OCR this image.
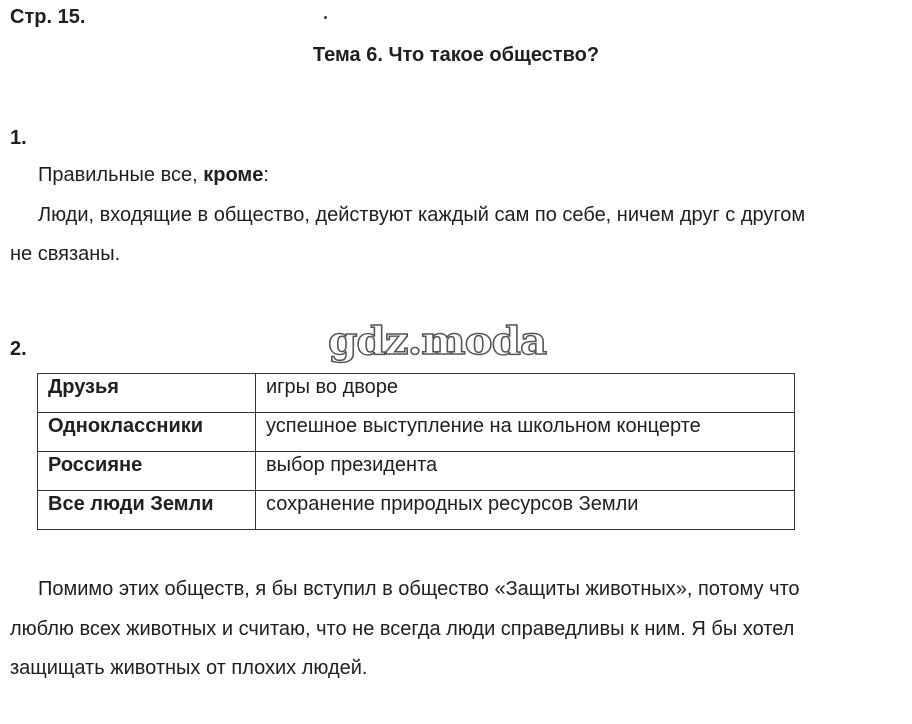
Стр. 15.
Тема 6. Что такое общество?
1.
Правильные все, кроме:
Люди, входящие в общество, действуют каждый сам по себе, ничем друг с другом
не связаны.
2.	gdz.moda
Друзья	игры во дворе
Одноклассники	успешное выступление на школьном концерте
Россияне	выбор президента
Все люди Земли	сохранение природных ресурсов Земли
Помимо этих обществ, я бы вступил в общество «Защиты животных», потому что
люблю всех животных и считаю, что не всегда люди справедливы к ним. Я бы хотел
защищать животных от плохих людей.
